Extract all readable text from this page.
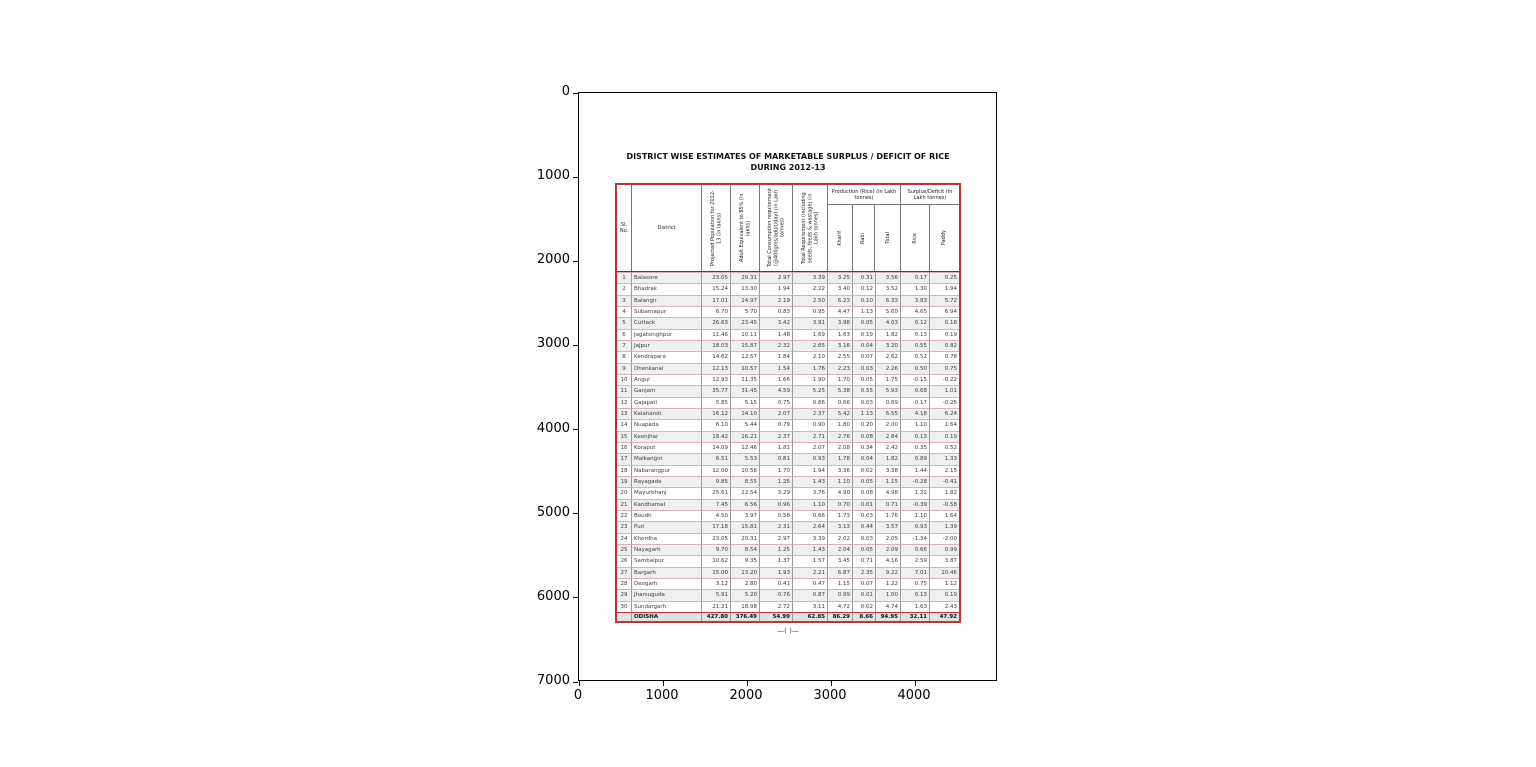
0
1000
2000
3000
4000
5000
6000
7000
0	1000	2000	3000	4000
DISTRICT WISE ESTIMATES OF MARKETABLE SURPLUS / DEFICIT OF RICE
DURING 2012-13
Sl. No.	District	Projected Population for 2012-13 (in lakhs)	Adult Equivalent to 85% (in lakhs)	Total Consumption requirement (@400gms/adult/day) (in Lakh tonnes)	Total Requirement (including seeds, feeds & wastage) (in Lakh tonnes)
Production (Rice) (In Lakh tonnes)
Kharif	Rabi	Total
Surplus/Deficit (In Lakh tonnes)
Rice	Paddy
1	Balasore	23.05	20.31	2.97	3.39	3.25	0.31	3.56	0.17	0.25
2	Bhadrak	15.24	13.30	1.94	2.22	3.40	0.12	3.52	1.30	1.94
3	Balangir	17.01	14.97	2.19	2.50	6.23	0.10	6.33	3.83	5.72
4	Subarnapur	6.70	5.70	0.83	0.95	4.47	1.13	5.60	4.65	6.94
5	Cuttack	26.63	23.45	3.42	3.91	3.98	0.05	4.03	0.12	0.18
6	Jagatsinghpur	11.46	10.11	1.48	1.69	1.63	0.19	1.82	0.13	0.19
7	Jajpur	18.03	15.87	2.32	2.65	3.16	0.04	3.20	0.55	0.82
8	Kendrapara	14.62	12.57	1.84	2.10	2.55	0.07	2.62	0.52	0.78
9	Dhenkanal	12.13	10.57	1.54	1.76	2.23	0.03	2.26	0.50	0.75
10	Angul	12.93	11.35	1.66	1.90	1.70	0.05	1.75	-0.15	-0.22
11	Ganjam	35.77	31.45	4.59	5.25	5.38	0.55	5.93	0.68	1.01
12	Gajapati	5.85	5.15	0.75	0.86	0.66	0.03	0.69	-0.17	-0.25
13	Kalahandi	16.12	14.10	2.07	2.37	5.42	1.13	6.55	4.18	6.24
14	Nuapada	6.10	5.44	0.79	0.90	1.80	0.20	2.00	1.10	1.64
15	Keonjhar	18.42	16.21	2.37	2.71	2.76	0.08	2.84	0.13	0.19
16	Koraput	14.09	12.46	1.81	2.07	2.08	0.34	2.42	0.35	0.52
17	Malkangiri	6.51	5.53	0.81	0.93	1.78	0.04	1.82	0.89	1.33
18	Nabarangpur	12.00	10.56	1.70	1.94	3.36	0.02	3.38	1.44	2.15
19	Rayagada	9.85	8.55	1.25	1.43	1.10	0.05	1.15	-0.28	-0.41
20	Mayurbhanj	25.61	22.54	3.29	3.76	4.90	0.08	4.98	1.22	1.82
21	Kandhamal	7.45	6.56	0.96	1.10	0.70	0.01	0.71	-0.39	-0.58
22	Boudh	4.50	3.97	0.58	0.66	1.73	0.03	1.76	1.10	1.64
23	Puri	17.18	15.81	2.31	2.64	3.13	0.44	3.57	0.93	1.39
24	Khordha	23.05	20.31	2.97	3.39	2.02	0.03	2.05	-1.34	-2.00
25	Nayagarh	9.70	8.54	1.25	1.43	2.04	0.05	2.09	0.66	0.99
26	Sambalpur	10.62	9.35	1.37	1.57	3.45	0.71	4.16	2.59	3.87
27	Bargarh	15.00	13.20	1.93	2.21	6.87	2.35	9.22	7.01	10.46
28	Deogarh	3.12	2.80	0.41	0.47	1.15	0.07	1.22	0.75	1.12
29	Jharsuguda	5.91	5.20	0.76	0.87	0.99	0.01	1.00	0.13	0.19
30	Sundargarh	21.21	18.98	2.72	3.11	4.72	0.02	4.74	1.63	2.43
ODISHA	427.80	376.49	54.99	62.85	86.29	8.66	94.95	32.11	47.92
—( )—
